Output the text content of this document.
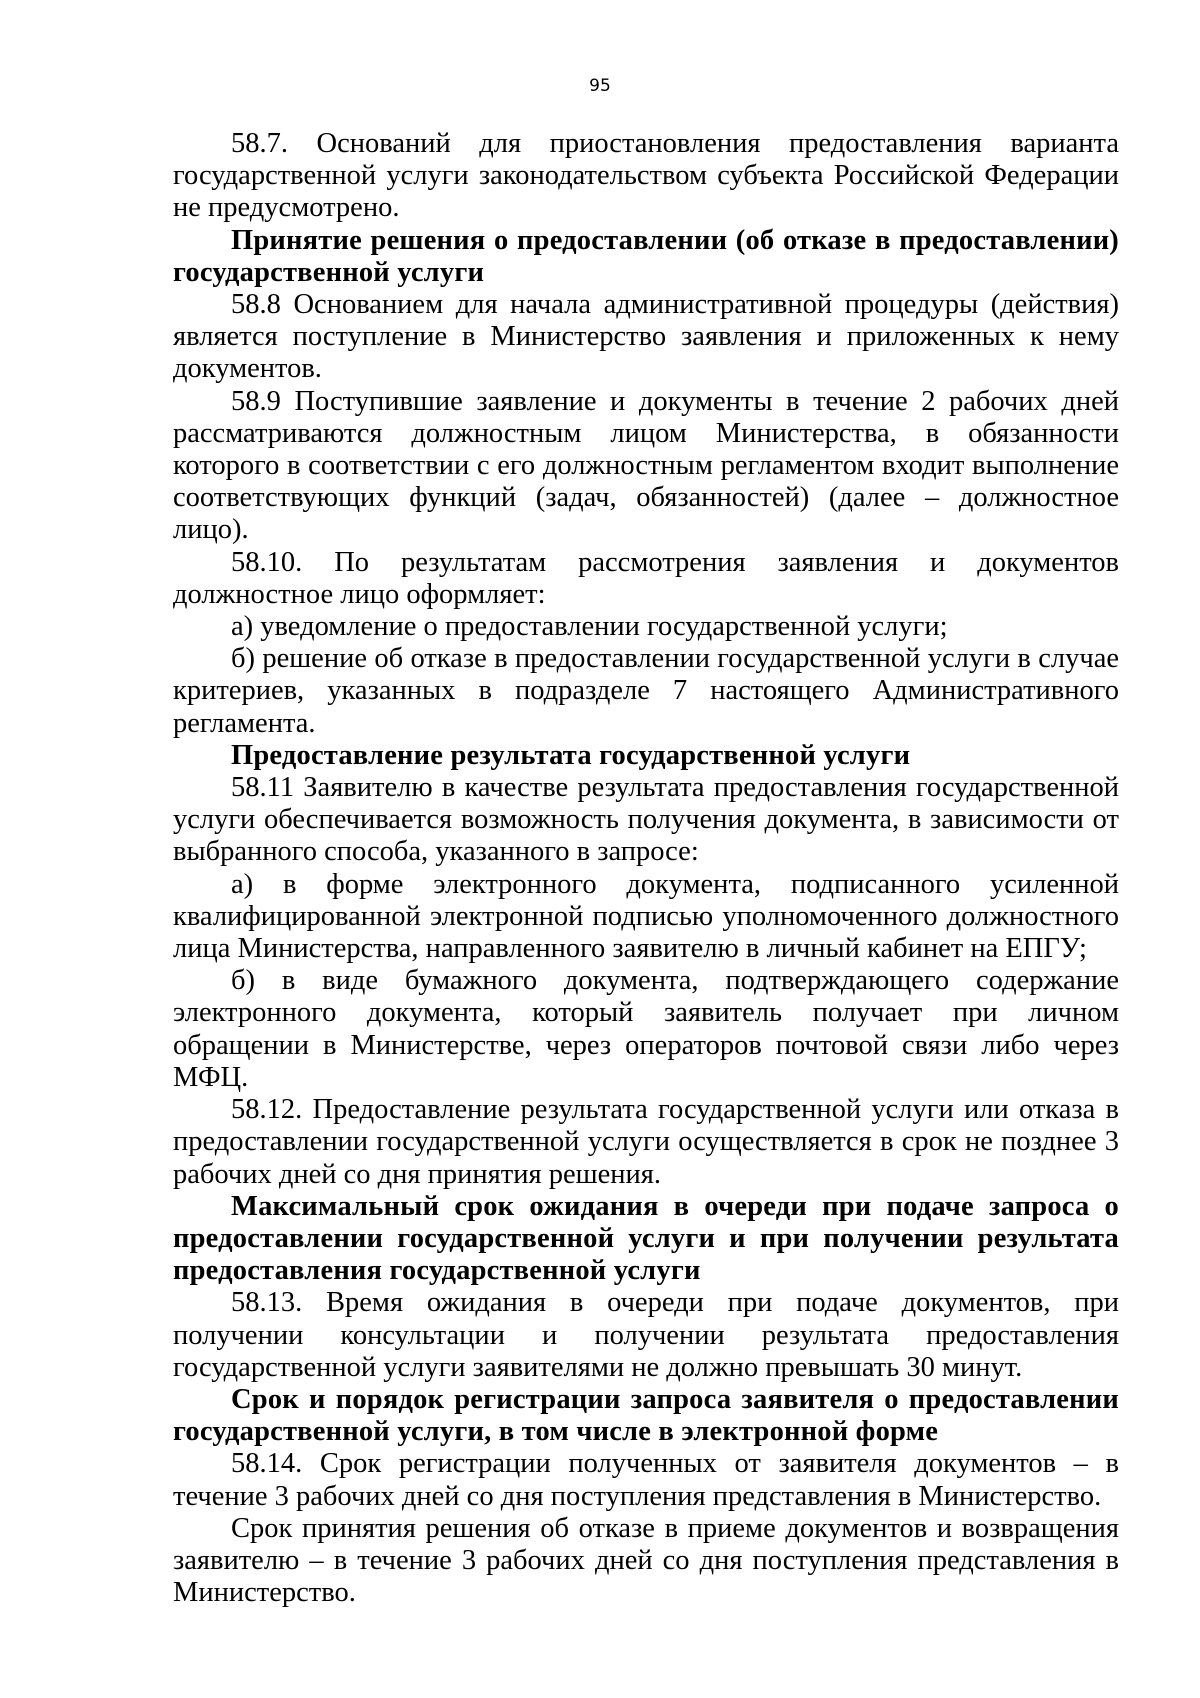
95

58.7. Оснований для приостановления предоставления варианта государственной услуги законодательством субъекта Российской Федерации не предусмотрено.

Принятие решения о предоставлении (об отказе в предоставлении) государственной услуги

58.8 Основанием для начала административной процедуры (действия) является поступление в Министерство заявления и приложенных к нему документов.

58.9 Поступившие заявление и документы в течение 2 рабочих дней рассматриваются должностным лицом Министерства, в обязанности которого в соответствии с его должностным регламентом входит выполнение соответствующих функций (задач, обязанностей) (далее – должностное лицо).

58.10. По результатам рассмотрения заявления и документов должностное лицо оформляет:

а) уведомление о предоставлении государственной услуги;

б) решение об отказе в предоставлении государственной услуги в случае критериев, указанных в подразделе 7 настоящего Административного регламента.

Предоставление результата государственной услуги

58.11 Заявителю в качестве результата предоставления государственной услуги обеспечивается возможность получения документа, в зависимости от выбранного способа, указанного в запросе:

а) в форме электронного документа, подписанного усиленной квалифицированной электронной подписью уполномоченного должностного лица Министерства, направленного заявителю в личный кабинет на ЕПГУ;

б) в виде бумажного документа, подтверждающего содержание электронного документа, который заявитель получает при личном обращении в Министерстве, через операторов почтовой связи либо через МФЦ.

58.12. Предоставление результата государственной услуги или отказа в предоставлении государственной услуги осуществляется в срок не позднее 3 рабочих дней со дня принятия решения.

Максимальный срок ожидания в очереди при подаче запроса о предоставлении государственной услуги и при получении результата предоставления государственной услуги

58.13. Время ожидания в очереди при подаче документов, при получении консультации и получении результата предоставления государственной услуги заявителями не должно превышать 30 минут.

Срок и порядок регистрации запроса заявителя о предоставлении государственной услуги, в том числе в электронной форме

58.14. Срок регистрации полученных от заявителя документов – в течение 3 рабочих дней со дня поступления представления в Министерство.

Срок принятия решения об отказе в приеме документов и возвращения заявителю – в течение 3 рабочих дней со дня поступления представления в Министерство.
